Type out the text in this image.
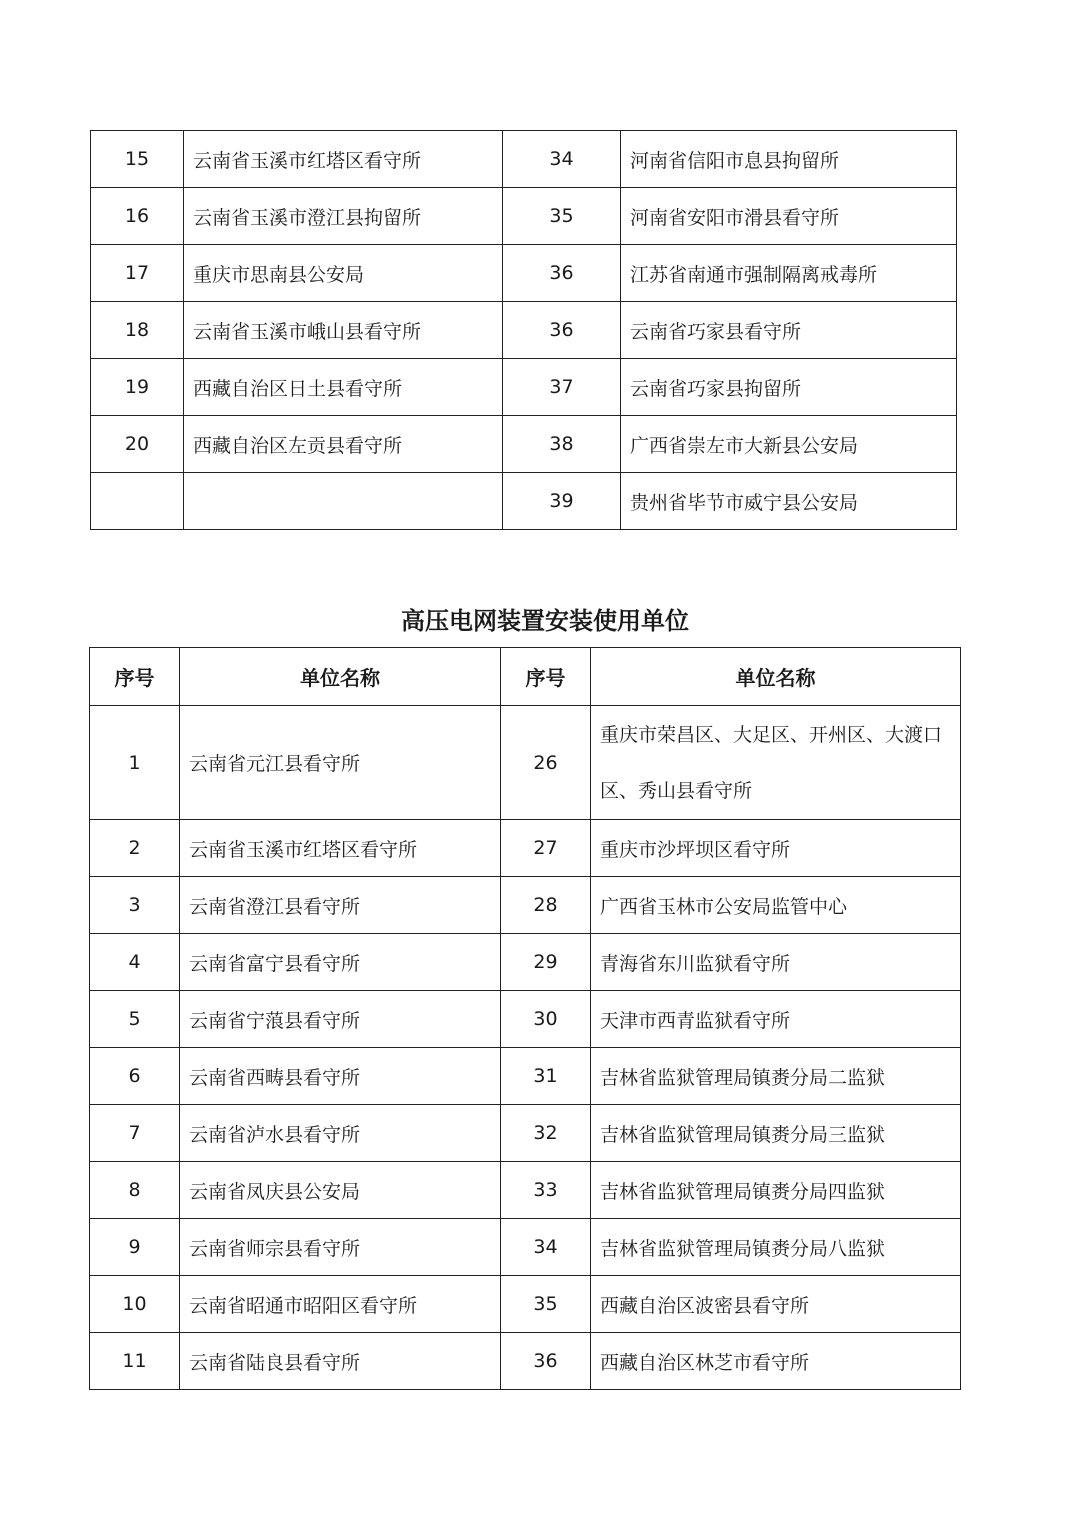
15	云南省玉溪市红塔区看守所	34	河南省信阳市息县拘留所
16	云南省玉溪市澄江县拘留所	35	河南省安阳市滑县看守所
17	重庆市思南县公安局	36	江苏省南通市强制隔离戒毒所
18	云南省玉溪市峨山县看守所	36	云南省巧家县看守所
19	西藏自治区日土县看守所	37	云南省巧家县拘留所
20	西藏自治区左贡县看守所	38	广西省崇左市大新县公安局
		39	贵州省毕节市威宁县公安局
高压电网装置安装使用单位
序号	单位名称	序号	单位名称
1	云南省元江县看守所	26	重庆市荣昌区、大足区、开州区、大渡口区、秀山县看守所
2	云南省玉溪市红塔区看守所	27	重庆市沙坪坝区看守所
3	云南省澄江县看守所	28	广西省玉林市公安局监管中心
4	云南省富宁县看守所	29	青海省东川监狱看守所
5	云南省宁蒗县看守所	30	天津市西青监狱看守所
6	云南省西畴县看守所	31	吉林省监狱管理局镇赉分局二监狱
7	云南省泸水县看守所	32	吉林省监狱管理局镇赉分局三监狱
8	云南省凤庆县公安局	33	吉林省监狱管理局镇赉分局四监狱
9	云南省师宗县看守所	34	吉林省监狱管理局镇赉分局八监狱
10	云南省昭通市昭阳区看守所	35	西藏自治区波密县看守所
11	云南省陆良县看守所	36	西藏自治区林芝市看守所
